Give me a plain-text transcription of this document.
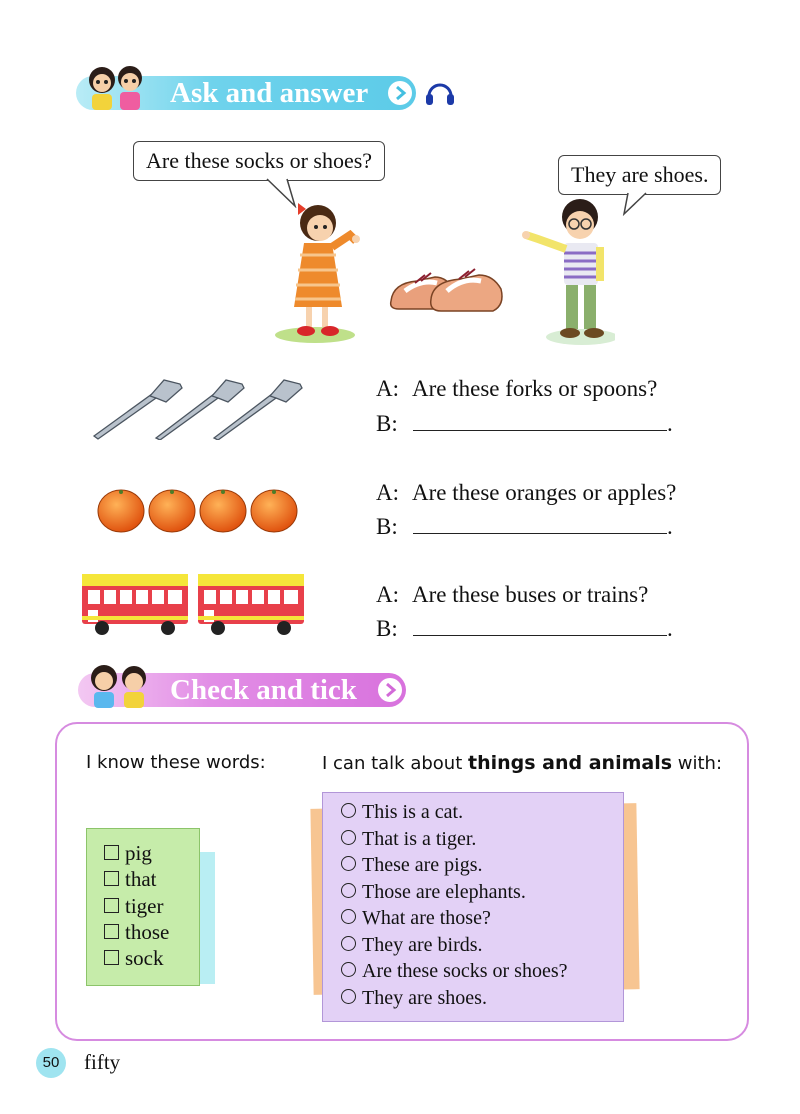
Ask and answer
Are these socks or shoes?
They are shoes.
A: Are these forks or spoons?
B:	.
A: Are these oranges or apples?
B:	.
A: Are these buses or trains?
B:	.
Check and tick
I know these words:	I can talk about things and animals with:
pig
that
tiger
those
sock
This is a cat.
That is a tiger.
These are pigs.
Those are elephants.
What are those?
They are birds.
Are these socks or shoes?
They are shoes.
50	fifty
